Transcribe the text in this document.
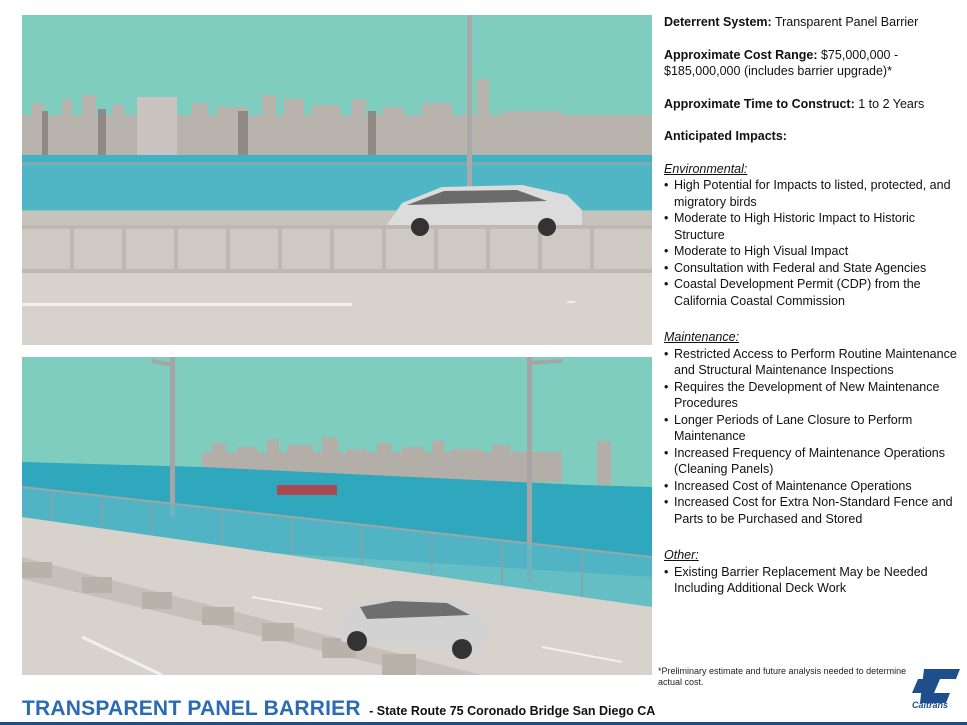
Deterrent System: Transparent Panel Barrier

Approximate Cost Range: $75,000,000 - $185,000,000 (includes barrier upgrade)*

Approximate Time to Construct: 1 to 2 Years

Anticipated Impacts:

Environmental:

• High Potential for Impacts to listed, protected, and migratory birds
• Moderate to High Historic Impact to Historic Structure
• Moderate to High Visual Impact
• Consultation with Federal and State Agencies
• Coastal Development Permit (CDP) from the California Coastal Commission

Maintenance:

• Restricted Access to Perform Routine Maintenance and Structural Maintenance Inspections
• Requires the Development of New Maintenance Procedures
• Longer Periods of Lane Closure to Perform Maintenance
• Increased Frequency of Maintenance Operations (Cleaning Panels)
• Increased Cost of Maintenance Operations
• Increased Cost for Extra Non-Standard Fence and Parts to be Purchased and Stored

Other:

• Existing Barrier Replacement May be Needed Including Additional Deck Work

*Preliminary estimate and future analysis needed to determine actual cost.

Caltrans
TRANSPARENT PANEL BARRIER - State Route 75 Coronado Bridge San Diego CA
